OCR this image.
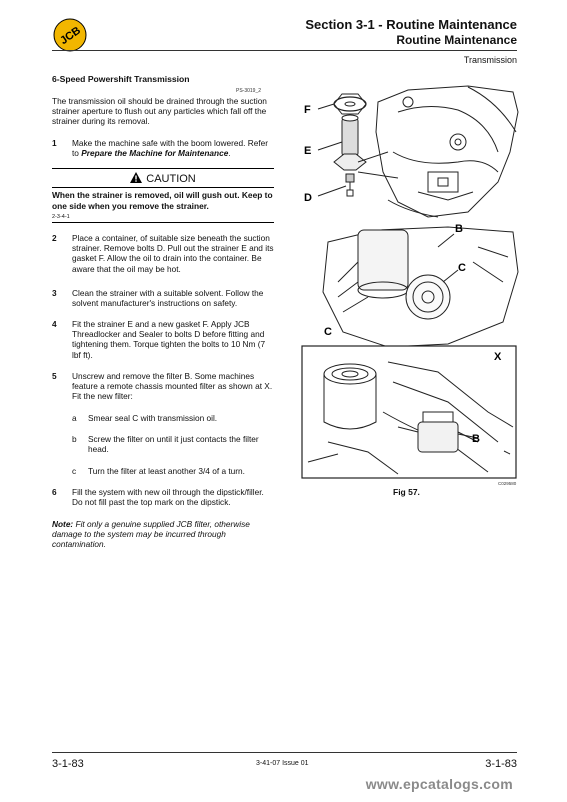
JCB
Section 3-1 - Routine Maintenance
Routine Maintenance
Transmission
6-Speed Powershift Transmission
PS-3019_2
The transmission oil should be drained through the suction strainer aperture to flush out any particles which fall off the strainer during its removal.
1 Make the machine safe with the boom lowered. Refer to Prepare the Machine for Maintenance.
CAUTION
When the strainer is removed, oil will gush out. Keep to one side when you remove the strainer.
2-3-4-1
2 Place a container, of suitable size beneath the suction strainer. Remove bolts D. Pull out the strainer E and its gasket F. Allow the oil to drain into the container. Be aware that the oil may be hot.
3 Clean the strainer with a suitable solvent. Follow the solvent manufacturer's instructions on safety.
4 Fit the strainer E and a new gasket F. Apply JCB Threadlocker and Sealer to bolts D before fitting and tightening them. Torque tighten the bolts to 10 Nm (7 lbf ft).
5 Unscrew and remove the filter B. Some machines feature a remote chassis mounted filter as shown at X. Fit the new filter:
a Smear seal C with transmission oil.
b Screw the filter on until it just contacts the filter head.
c Turn the filter at least another 3/4 of a turn.
6 Fill the system with new oil through the dipstick/filler. Do not fill past the top mark on the dipstick.
Note: Fit only a genuine supplied JCB filter, otherwise damage to the system may be incurred through contamination.
F
E
D
B
C
C
X
B
C029580
Fig 57.
3-1-83	3-41-07 Issue 01	3-1-83
www.epcatalogs.com
